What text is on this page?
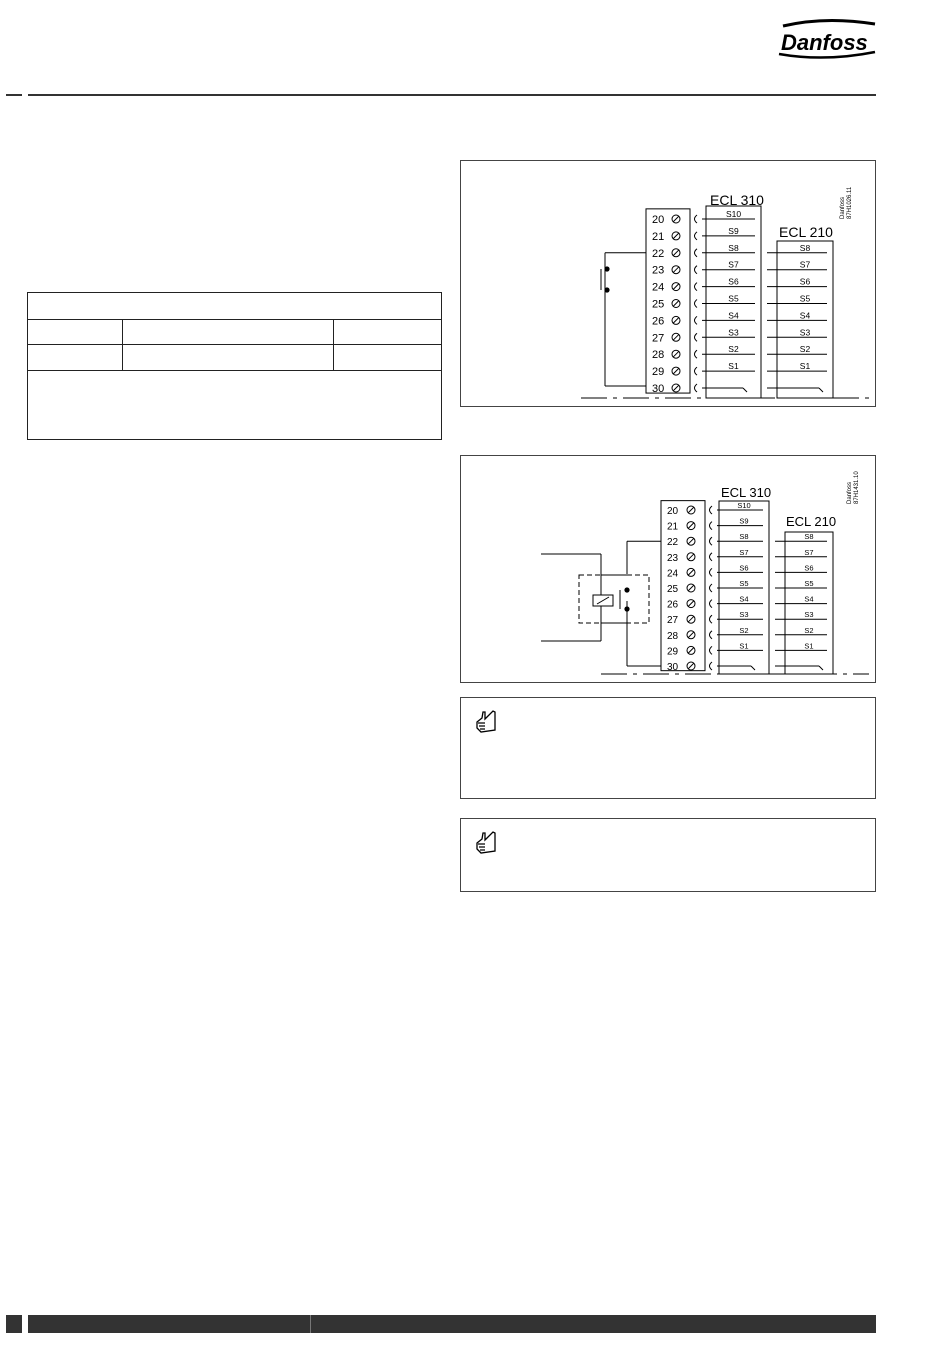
Danfoss
ECL 310
ECL 210
Danfoss 87H1026.11
20
21
22
23
24
25
26
27
28
29
30
S10
S9
S8
S7
S6
S5
S4
S3
S2
S1
S8
S7
S6
S5
S4
S3
S2
S1
ECL 310
ECL 210
Danfoss 87H1431.10
20
21
22
23
24
25
26
27
28
29
30
S10
S9
S8
S7
S6
S5
S4
S3
S2
S1
S8
S7
S6
S5
S4
S3
S2
S1
